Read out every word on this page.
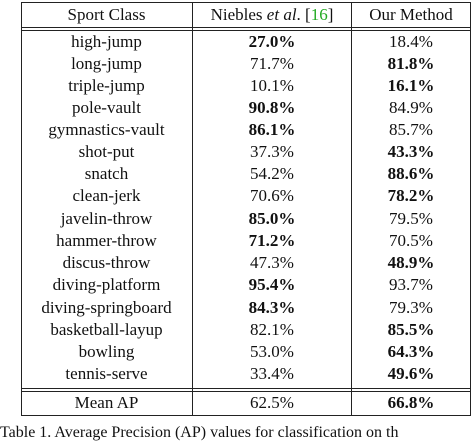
Sport Class	Niebles et al. [16]	Our Method
high-jump	27.0%	18.4%
long-jump	71.7%	81.8%
triple-jump	10.1%	16.1%
pole-vault	90.8%	84.9%
gymnastics-vault	86.1%	85.7%
shot-put	37.3%	43.3%
snatch	54.2%	88.6%
clean-jerk	70.6%	78.2%
javelin-throw	85.0%	79.5%
hammer-throw	71.2%	70.5%
discus-throw	47.3%	48.9%
diving-platform	95.4%	93.7%
diving-springboard	84.3%	79.3%
basketball-layup	82.1%	85.5%
bowling	53.0%	64.3%
tennis-serve	33.4%	49.6%
Mean AP	62.5%	66.8%
Table 1. Average Precision (AP) values for classification on th
